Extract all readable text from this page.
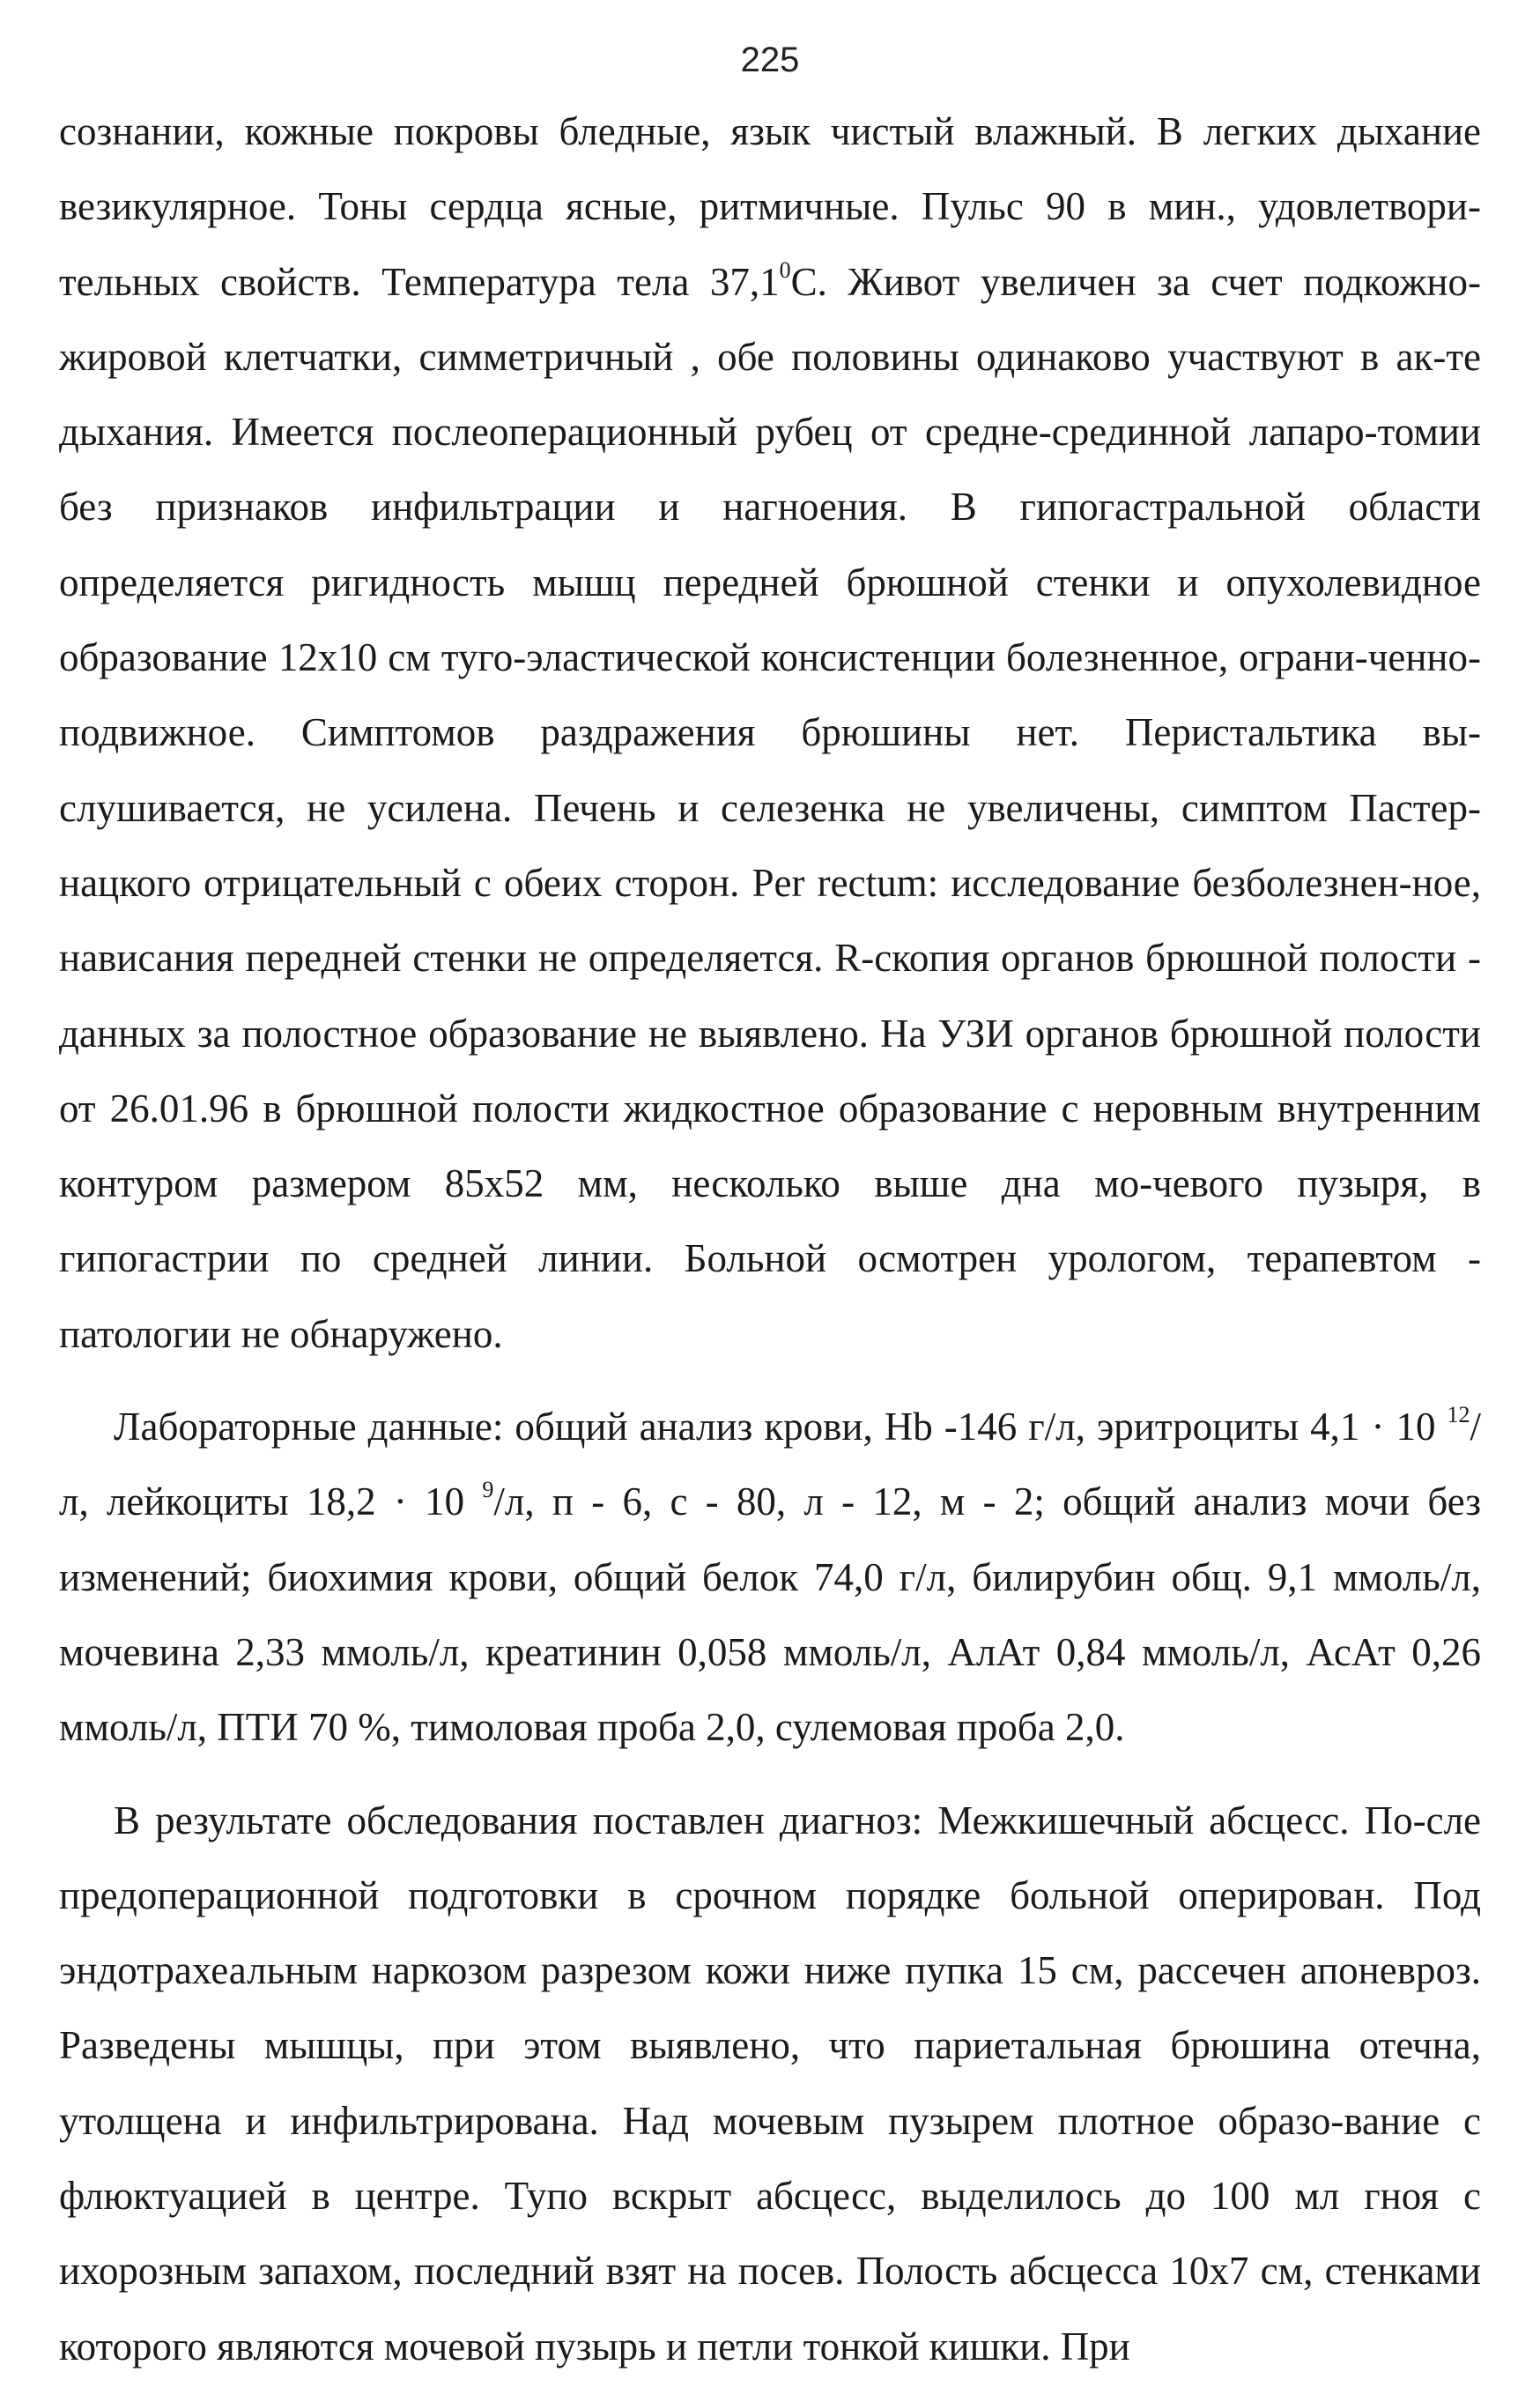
225

сознании, кожные покровы бледные, язык чистый влажный. В легких дыхание везикулярное. Тоны сердца ясные, ритмичные. Пульс 90 в мин., удовлетвори-тельных свойств. Температура тела 37,1$^0$С. Живот увеличен за счет подкожно-жировой клетчатки, симметричный , обе половины одинаково участвуют в ак-те дыхания. Имеется послеоперационный рубец от средне-срединной лапаро-томии без признаков инфильтрации и нагноения. В гипогастральной области определяется ригидность мышц передней брюшной стенки и опухолевидное образование 12х10 см туго-эластической консистенции болезненное, ограни-ченно-подвижное. Симптомов раздражения брюшины нет. Перистальтика вы-слушивается, не усилена. Печень и селезенка не увеличены, симптом Пастер-нацкого отрицательный с обеих сторон. Per rectum: исследование безболезнен-ное, нависания передней стенки не определяется. R-скопия органов брюшной полости - данных за полостное образование не выявлено. На УЗИ органов брюшной полости от 26.01.96 в брюшной полости жидкостное образование с неровным внутренним контуром размером 85х52 мм, несколько выше дна мо-чевого пузыря, в гипогастрии по средней линии. Больной осмотрен урологом, терапевтом - патологии не обнаружено.

Лабораторные данные: общий анализ крови, Hb -146 г/л, эритроциты 4,1 · 10 $^{12}$/л, лейкоциты 18,2 · 10 $^9$/л, п - 6, с - 80, л - 12, м - 2; общий анализ мочи без изменений; биохимия крови, общий белок 74,0 г/л, билирубин общ. 9,1 ммоль/л, мочевина 2,33 ммоль/л, креатинин 0,058 ммоль/л, АлАт 0,84 ммоль/л, АсАт 0,26 ммоль/л, ПТИ 70 %, тимоловая проба 2,0, сулемовая проба 2,0.

В результате обследования поставлен диагноз: Межкишечный абсцесс. По-сле предоперационной подготовки в срочном порядке больной оперирован. Под эндотрахеальным наркозом разрезом кожи ниже пупка 15 см, рассечен апоневроз. Разведены мышцы, при этом выявлено, что париетальная брюшина отечна, утолщена и инфильтрирована. Над мочевым пузырем плотное образо-вание с флюктуацией в центре. Тупо вскрыт абсцесс, выделилось до 100 мл гноя с ихорозным запахом, последний взят на посев. Полость абсцесса 10х7 см, стенками которого являются мочевой пузырь и петли тонкой кишки. При
